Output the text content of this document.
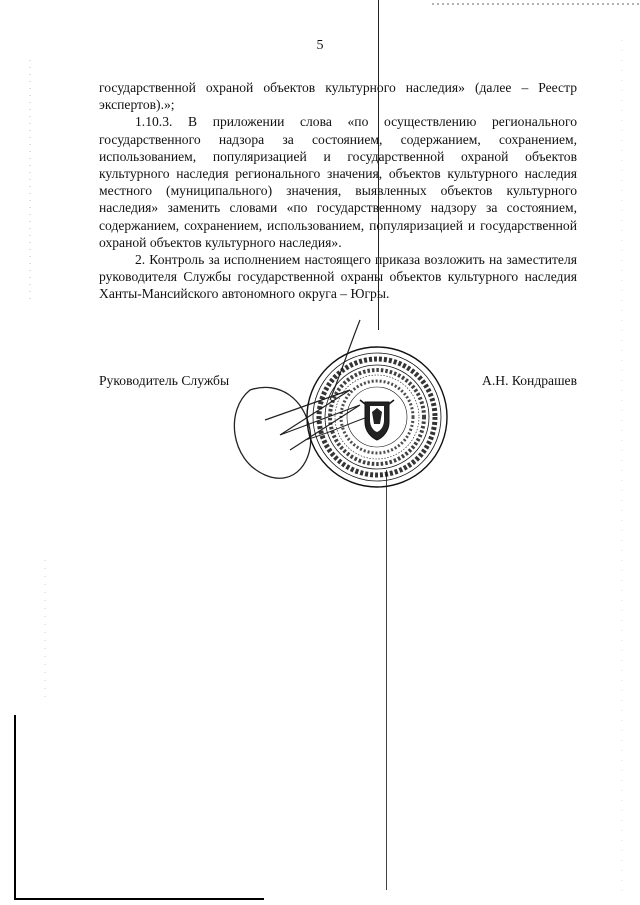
5

государственной охраной объектов культурного наследия» (далее – Реестр экспертов).»;

1.10.3. В приложении слова «по осуществлению регионального государственного надзора за состоянием, содержанием, сохранением, использованием, популяризацией и государственной охраной объектов культурного наследия регионального значения, объектов культурного наследия местного (муниципального) значения, выявленных объектов культурного наследия» заменить словами «по государственному надзору за состоянием, содержанием, сохранением, использованием, популяризацией и государственной охраной объектов культурного наследия».

2. Контроль за исполнением настоящего приказа возложить на заместителя руководителя Службы государственной охраны объектов культурного наследия Ханты-Мансийского автономного округа – Югры.

Руководитель Службы	А.Н. Кондрашев
